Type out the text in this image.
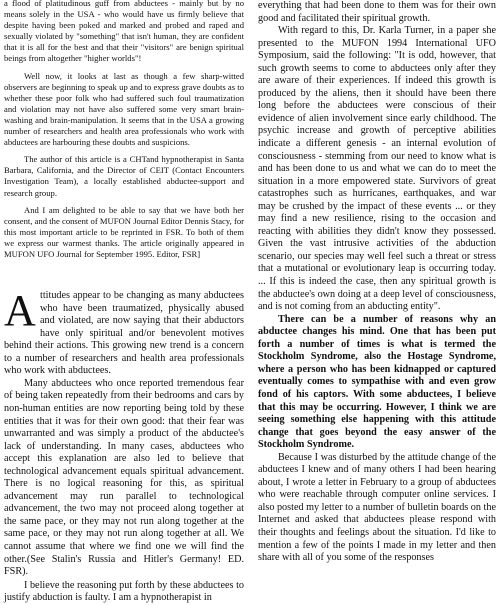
a flood of platitudinous guff from abductees - mainly but by no means solely in the USA - who would have us firmly believe that despite having been poked and marked and probed and raped and sexually violated by "something" that isn't human, they are confident that it is all for the best and that their "visitors" are benign spiritual beings from altogether "higher worlds"!

Well now, it looks at last as though a few sharp-witted observers are beginning to speak up and to express grave doubts as to whether these poor folk who had suffered such foul traumatization and violation may not have also suffered some very smart brain-washing and brain-manipulation. It seems that in the USA a growing number of researchers and health area professionals who work with abductees are harbouring these doubts and suspicions.

The author of this article is a CHTand hypnotherapist in Santa Barbara, California, and the Director of CEIT (Contact Encounters Investigation Team), a locally established abductee-support and research group.

And I am delighted to be able to say that we have both her consent, and the consent of MUFON Journal Editor Dennis Stacy, for this most important article to be reprinted in FSR. To both of them we express our warmest thanks. The article originally appeared in MUFON UFO Journal for September 1995. Editor, FSR]

A ttitudes appear to be changing as many abductees who have been traumatized, physically abused and violated, are now saying that their abductors have only spiritual and/or benevolent motives behind their actions. This growing new trend is a concern to a number of researchers and health area professionals who work with abductees.

Many abductees who once reported tremendous fear of being taken repeatedly from their bedrooms and cars by non-human entities are now reporting being told by these entities that it was for their own good: that their fear was unwarranted and was simply a product of the abductee's lack of understanding. In many cases, abductees who accept this explanation are also led to believe that technological advancement equals spiritual advancement. There is no logical reasoning for this, as spiritual advancement may run parallel to technological advancement, the two may not proceed along together at the same pace, or they may not run along together at the same pace, or they may not run along together at all. We cannot assume that where we find one we will find the other.(See Stalin's Russia and Hitler's Germany! ED. FSR).

I believe the reasoning put forth by these abductees to justify abduction is faulty. I am a hypnotherapist in

everything that had been done to them was for their own good and facilitated their spiritual growth.

With regard to this, Dr. Karla Turner, in a paper she presented to the MUFON 1994 International UFO Symposium, said the following: "It is odd, however, that such growth seems to come to abductees only after they are aware of their experiences. If indeed this growth is produced by the aliens, then it should have been there long before the abductees were conscious of their evidence of alien involvement since early childhood. The psychic increase and growth of perceptive abilities indicate a different genesis - an internal evolution of consciousness - stemming from our need to know what is and has been done to us and what we can do to meet the situation in a more empowered state. Survivors of great catastrophes such as hurricanes, earthquakes, and war may be crushed by the impact of these events ... or they may find a new resilience, rising to the occasion and reacting with abilities they didn't know they possessed. Given the vast intrusive activities of the abduction scenario, our species may well feel such a threat or stress that a mutational or evolutionary leap is occurring today. ... If this is indeed the case, then any spiritual growth is the abductee's own doing at a deep level of consciousness, and is not coming from an abducting entity".

There can be a number of reasons why an abductee changes his mind. One that has been put forth a number of times is what is termed the Stockholm Syndrome, also the Hostage Syndrome, where a person who has been kidnapped or captured eventually comes to sympathise with and even grow fond of his captors. With some abductees, I believe that this may be occurring. However, I think we are seeing something else happening with this attitude change that goes beyond the easy answer of the Stockholm Syndrome.

Because I was disturbed by the attitude change of the abductees I knew and of many others I had been hearing about, I wrote a letter in February to a group of abductees who were reachable through computer online services. I also posted my letter to a number of bulletin boards on the Internet and asked that abductees please respond with their thoughts and feelings about the situation. I'd like to mention a few of the points I made in my letter and then share with all of you some of the responses
